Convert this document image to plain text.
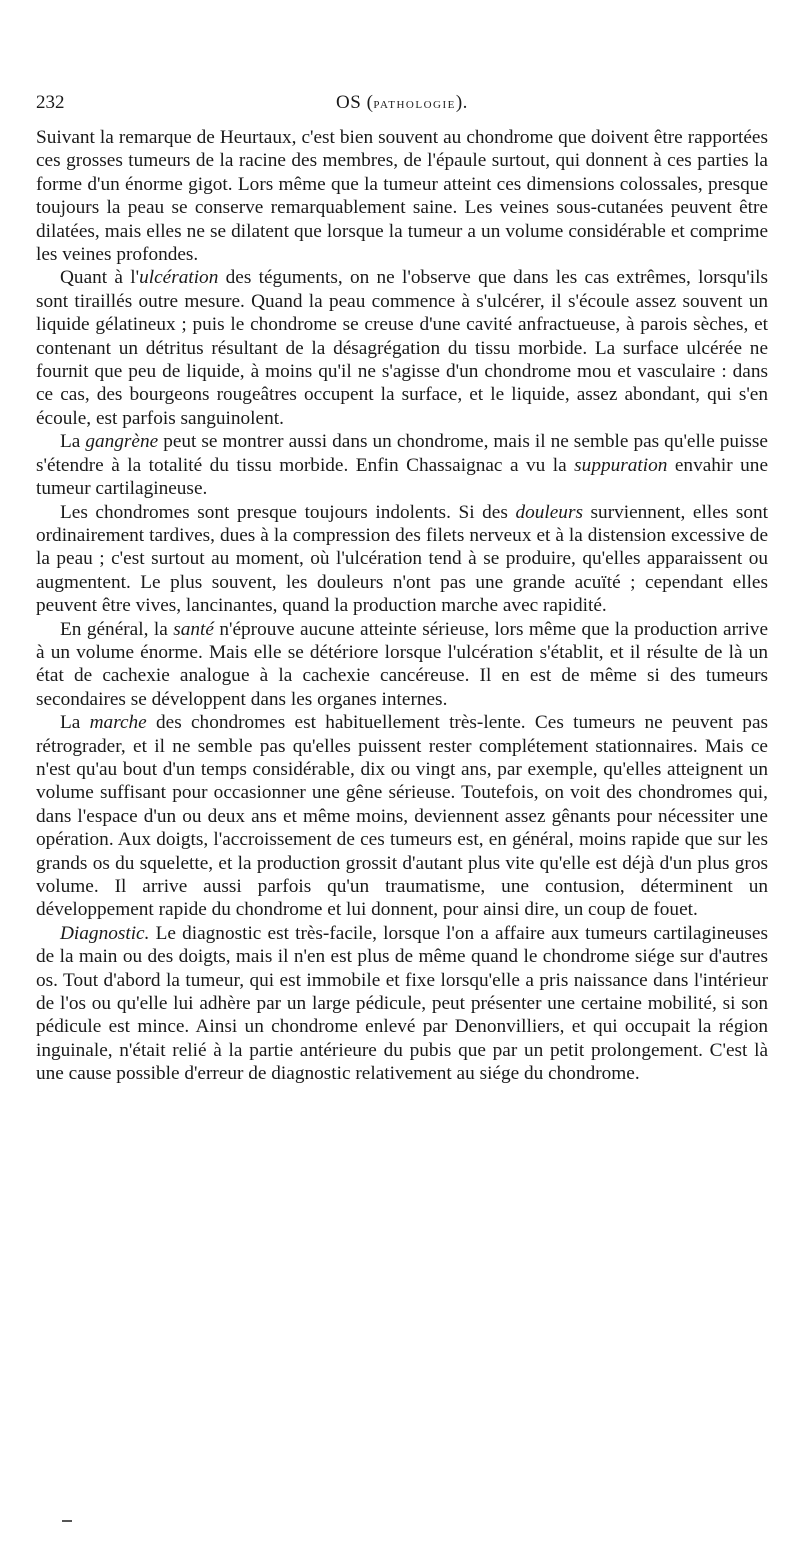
232	OS (pathologie).

Suivant la remarque de Heurtaux, c'est bien souvent au chondrome que doivent être rapportées ces grosses tumeurs de la racine des membres, de l'épaule surtout, qui donnent à ces parties la forme d'un énorme gigot. Lors même que la tumeur atteint ces dimensions colossales, presque toujours la peau se conserve remarquablement saine. Les veines sous-cutanées peuvent être dilatées, mais elles ne se dilatent que lorsque la tumeur a un volume considérable et comprime les veines profondes.

Quant à l'ulcération des téguments, on ne l'observe que dans les cas extrêmes, lorsqu'ils sont tiraillés outre mesure. Quand la peau commence à s'ulcérer, il s'écoule assez souvent un liquide gélatineux ; puis le chondrome se creuse d'une cavité anfractueuse, à parois sèches, et contenant un détritus résultant de la désagrégation du tissu morbide. La surface ulcérée ne fournit que peu de liquide, à moins qu'il ne s'agisse d'un chondrome mou et vasculaire : dans ce cas, des bourgeons rougeâtres occupent la surface, et le liquide, assez abondant, qui s'en écoule, est parfois sanguinolent.

La gangrène peut se montrer aussi dans un chondrome, mais il ne semble pas qu'elle puisse s'étendre à la totalité du tissu morbide. Enfin Chassaignac a vu la suppuration envahir une tumeur cartilagineuse.

Les chondromes sont presque toujours indolents. Si des douleurs surviennent, elles sont ordinairement tardives, dues à la compression des filets nerveux et à la distension excessive de la peau ; c'est surtout au moment, où l'ulcération tend à se produire, qu'elles apparaissent ou augmentent. Le plus souvent, les douleurs n'ont pas une grande acuïté ; cependant elles peuvent être vives, lancinantes, quand la production marche avec rapidité.

En général, la santé n'éprouve aucune atteinte sérieuse, lors même que la production arrive à un volume énorme. Mais elle se détériore lorsque l'ulcération s'établit, et il résulte de là un état de cachexie analogue à la cachexie cancéreuse. Il en est de même si des tumeurs secondaires se développent dans les organes internes.

La marche des chondromes est habituellement très-lente. Ces tumeurs ne peuvent pas rétrograder, et il ne semble pas qu'elles puissent rester complétement stationnaires. Mais ce n'est qu'au bout d'un temps considérable, dix ou vingt ans, par exemple, qu'elles atteignent un volume suffisant pour occasionner une gêne sérieuse. Toutefois, on voit des chondromes qui, dans l'espace d'un ou deux ans et même moins, deviennent assez gênants pour nécessiter une opération. Aux doigts, l'accroissement de ces tumeurs est, en général, moins rapide que sur les grands os du squelette, et la production grossit d'autant plus vite qu'elle est déjà d'un plus gros volume. Il arrive aussi parfois qu'un traumatisme, une contusion, déterminent un développement rapide du chondrome et lui donnent, pour ainsi dire, un coup de fouet.

Diagnostic. Le diagnostic est très-facile, lorsque l'on a affaire aux tumeurs cartilagineuses de la main ou des doigts, mais il n'en est plus de même quand le chondrome siége sur d'autres os. Tout d'abord la tumeur, qui est immobile et fixe lorsqu'elle a pris naissance dans l'intérieur de l'os ou qu'elle lui adhère par un large pédicule, peut présenter une certaine mobilité, si son pédicule est mince. Ainsi un chondrome enlevé par Denonvilliers, et qui occupait la région inguinale, n'était relié à la partie antérieure du pubis que par un petit prolongement. C'est là une cause possible d'erreur de diagnostic relativement au siége du chondrome.
